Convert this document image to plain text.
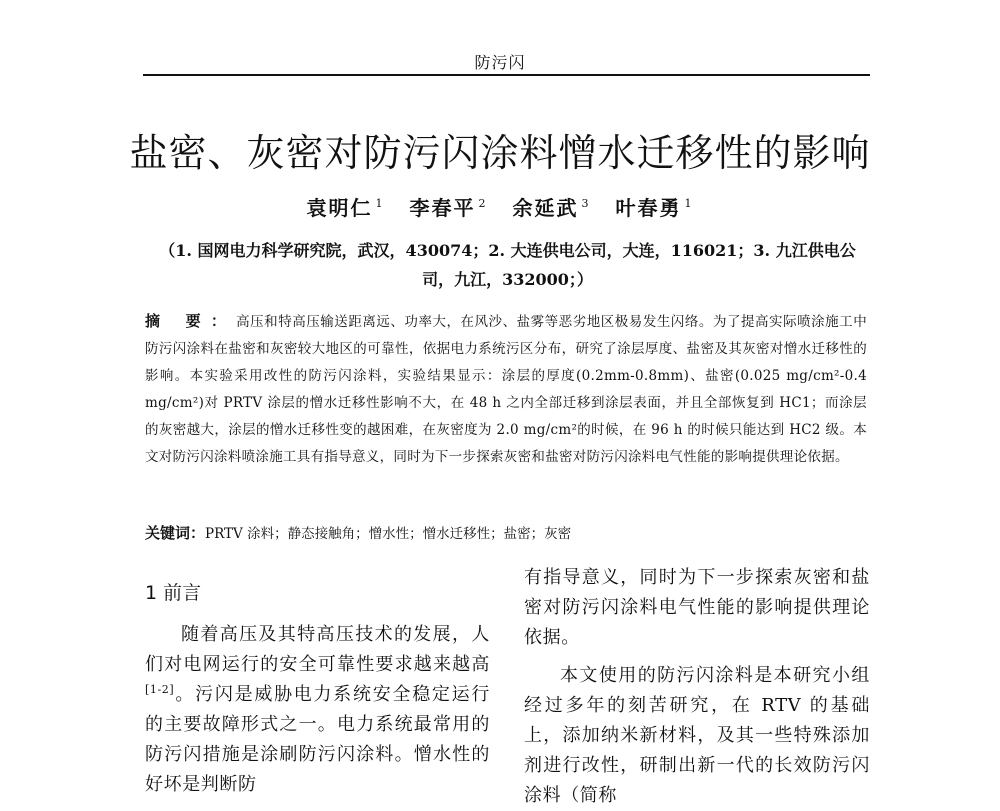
防污闪
盐密、灰密对防污闪涂料憎水迁移性的影响
袁明仁 $^1$ 李春平 $^2$ 余延武 $^3$ 叶春勇 $^1$
（1. 国网电力科学研究院，武汉，430074；2. 大连供电公司，大连，116021；3. 九江供电公司，九江，332000；）
摘 要：高压和特高压输送距离远、功率大，在风沙、盐雾等恶劣地区极易发生闪络。为了提高实际喷涂施工中防污闪涂料在盐密和灰密较大地区的可靠性，依据电力系统污区分布，研究了涂层厚度、盐密及其灰密对憎水迁移性的影响。本实验采用改性的防污闪涂料，实验结果显示：涂层的厚度(0.2mm-0.8mm)、盐密(0.025 mg/cm²-0.4 mg/cm²)对 PRTV 涂层的憎水迁移性影响不大，在 48 h 之内全部迁移到涂层表面，并且全部恢复到 HC1；而涂层的灰密越大，涂层的憎水迁移性变的越困难，在灰密度为 2.0 mg/cm²的时候，在 96 h 的时候只能达到 HC2 级。本文对防污闪涂料喷涂施工具有指导意义，同时为下一步探索灰密和盐密对防污闪涂料电气性能的影响提供理论依据。
关键词：PRTV 涂料；静态接触角；憎水性；憎水迁移性；盐密；灰密
1 前言

随着高压及其特高压技术的发展，人们对电网运行的安全可靠性要求越来越高[1-2]。污闪是威胁电力系统安全稳定运行的主要故障形式之一。电力系统最常用的防污闪措施是涂刷防污闪涂料。憎水性的好坏是判断防

有指导意义，同时为下一步探索灰密和盐密对防污闪涂料电气性能的影响提供理论依据。

本文使用的防污闪涂料是本研究小组经过多年的刻苦研究，在 RTV 的基础上，添加纳米新材料，及其一些特殊添加剂进行改性，研制出新一代的长效防污闪涂料（简称
